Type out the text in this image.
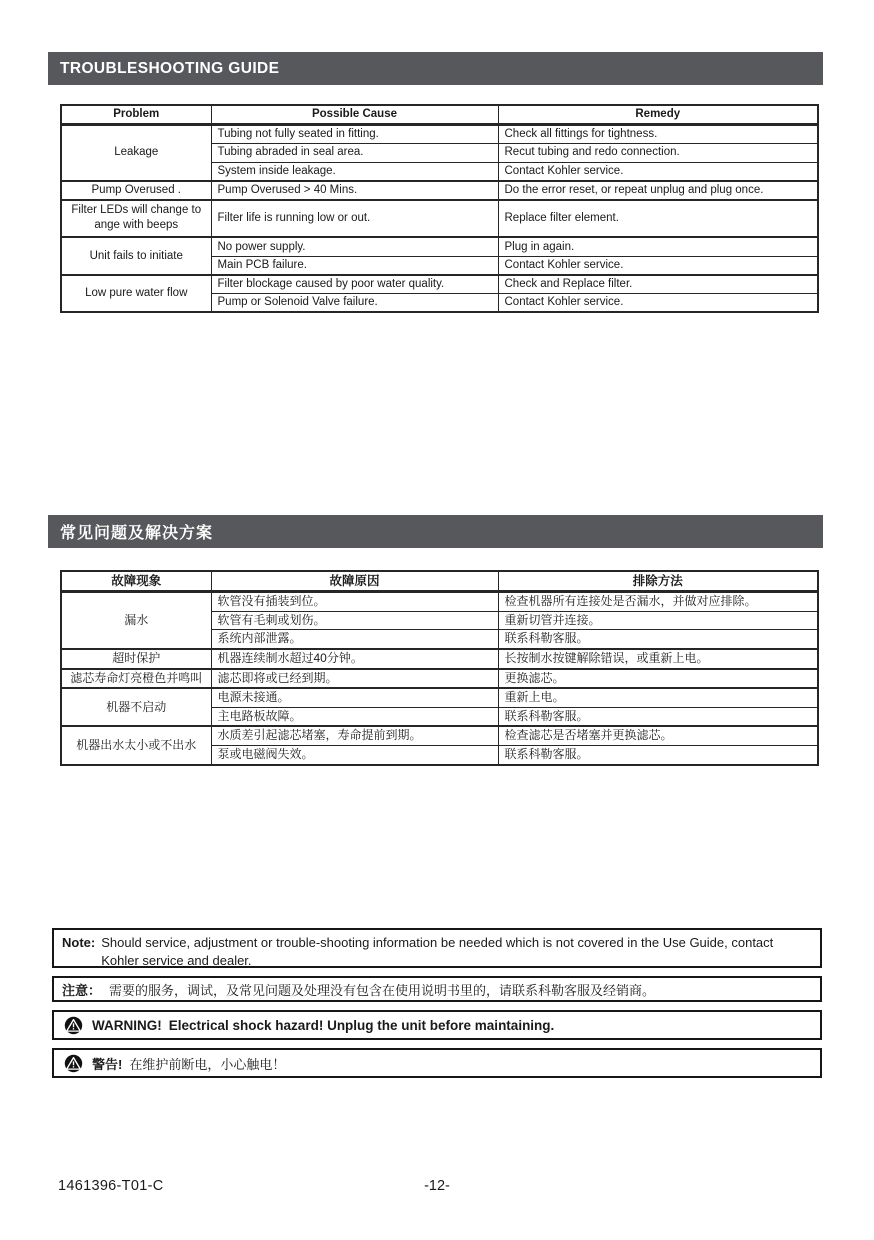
TROUBLESHOOTING GUIDE
Problem	Possible Cause	Remedy
Leakage	Tubing not fully seated in fitting.	Check all fittings for tightness.
	Tubing abraded in seal area.	Recut tubing and redo connection.
	System inside leakage.	Contact Kohler service.
Pump Overused .	Pump Overused > 40 Mins.	Do the error reset, or repeat unplug and plug once.
Filter LEDs will change to ange with beeps	Filter life is running low or out.	Replace filter element.
Unit fails to initiate	No power supply.	Plug in again.
	Main PCB failure.	Contact Kohler service.
Low pure water flow	Filter blockage caused by poor water quality.	Check and Replace filter.
	Pump or Solenoid Valve failure.	Contact Kohler service.
常见问题及解决方案
故障现象	故障原因	排除方法
漏水	软管没有插装到位。	检查机器所有连接处是否漏水，并做对应排除。
	软管有毛刺或划伤。	重新切管并连接。
	系统内部泄露。	联系科勒客服。
超时保护	机器连续制水超过40分钟。	长按制水按键解除错误，或重新上电。
滤芯寿命灯亮橙色并鸣叫	滤芯即将或已经到期。	更换滤芯。
机器不启动	电源未接通。	重新上电。
	主电路板故障。	联系科勒客服。
机器出水太小或不出水	水质差引起滤芯堵塞，寿命提前到期。	检查滤芯是否堵塞并更换滤芯。
	泵或电磁阀失效。	联系科勒客服。
Note: Should service, adjustment or trouble-shooting information be needed which is not covered in the Use Guide, contact Kohler service and dealer.
注意： 需要的服务，调试，及常见问题及处理没有包含在使用说明书里的，请联系科勒客服及经销商。
WARNING! Electrical shock hazard! Unplug the unit before maintaining.
警告! 在维护前断电，小心触电！
1461396-T01-C	-12-
